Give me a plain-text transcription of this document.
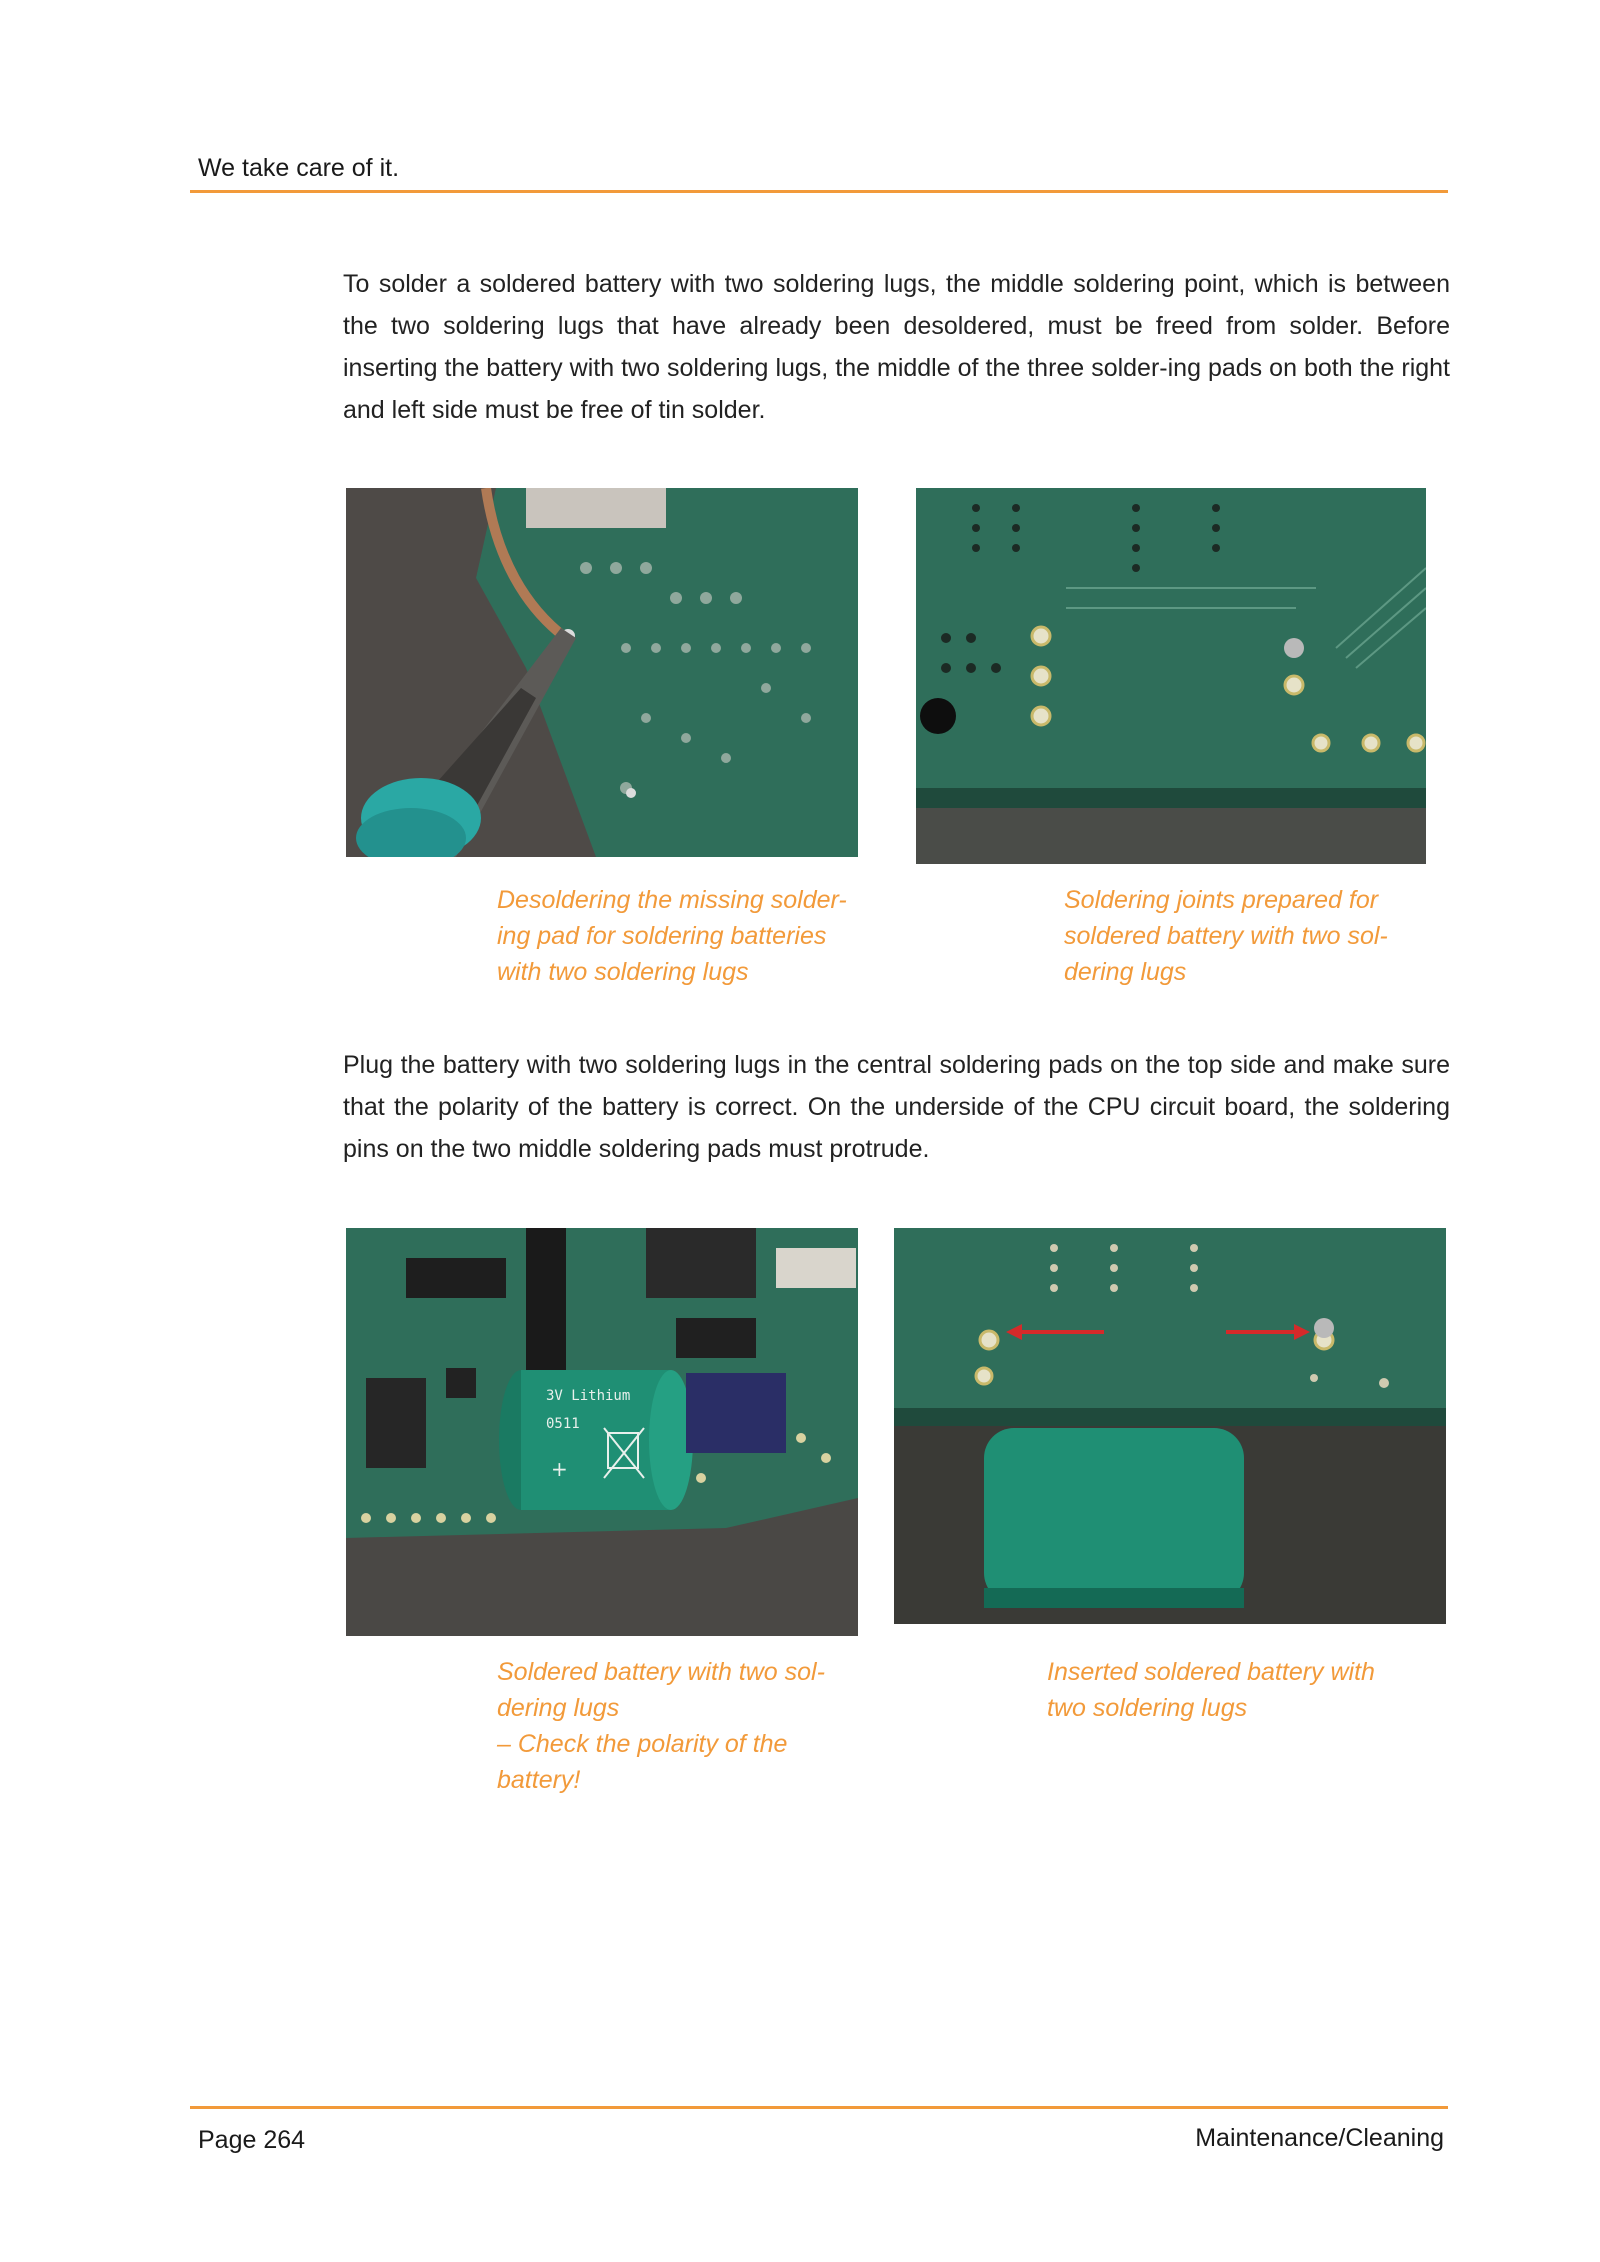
We take care of it.

To solder a soldered battery with two soldering lugs, the middle soldering point, which is between the two soldering lugs that have already been desoldered, must be freed from solder. Before inserting the battery with two soldering lugs, the middle of the three solder-ing pads on both the right and left side must be free of tin solder.

Desoldering the missing solder-
ing pad for soldering batteries
with two soldering lugs
Soldering joints prepared for
soldered battery with two sol-
dering lugs

Plug the battery with two soldering lugs in the central soldering pads on the top side and make sure that the polarity of the battery is correct. On the underside of the CPU circuit board, the soldering pins on the two middle soldering pads must protrude.

3V Lithium
0511
+
Soldered battery with two sol-
dering lugs
– Check the polarity of the
battery!
Inserted soldered battery with
two soldering lugs
Page 264	Maintenance/Cleaning
